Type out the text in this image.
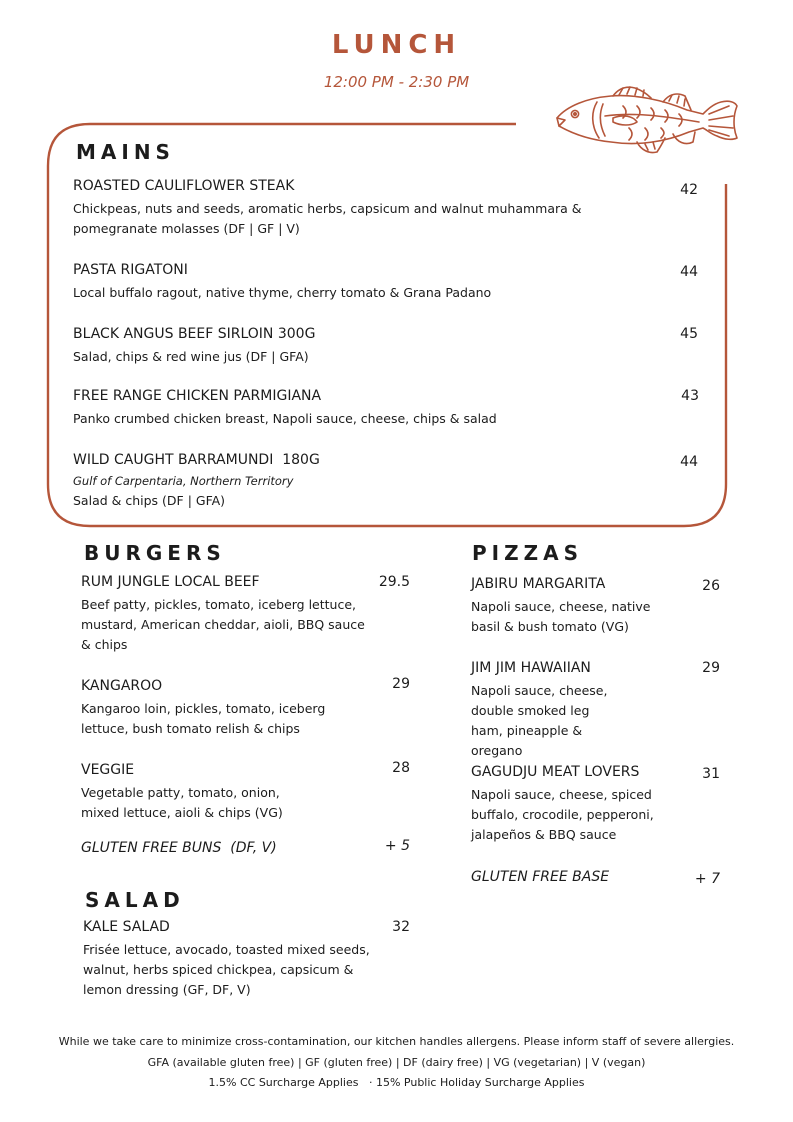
LUNCH
12:00 PM - 2:30 PM
MAINS
ROASTED CAULIFLOWER STEAK	42
Chickpeas, nuts and seeds, aromatic herbs, capsicum and walnut muhammara & pomegranate molasses (DF | GF | V)
PASTA RIGATONI	44
Local buffalo ragout, native thyme, cherry tomato & Grana Padano
BLACK ANGUS BEEF SIRLOIN 300G	45
Salad, chips & red wine jus (DF | GFA)
FREE RANGE CHICKEN PARMIGIANA	43
Panko crumbed chicken breast, Napoli sauce, cheese, chips & salad
WILD CAUGHT BARRAMUNDI  180G	44
Gulf of Carpentaria, Northern Territory
Salad & chips (DF | GFA)
BURGERS
RUM JUNGLE LOCAL BEEF	29.5
Beef patty, pickles, tomato, iceberg lettuce, mustard, American cheddar, aioli, BBQ sauce & chips
KANGAROO	29
Kangaroo loin, pickles, tomato, iceberg lettuce, bush tomato relish & chips
VEGGIE	28
Vegetable patty, tomato, onion, mixed lettuce, aioli & chips (VG)
GLUTEN FREE BUNS  (DF, V)	+ 5
SALAD
KALE SALAD	32
Frisée lettuce, avocado, toasted mixed seeds, walnut, herbs spiced chickpea, capsicum & lemon dressing (GF, DF, V)
PIZZAS
JABIRU MARGARITA	26
Napoli sauce, cheese, native basil & bush tomato (VG)
JIM JIM HAWAIIAN	29
Napoli sauce, cheese, double smoked leg ham, pineapple & oregano
GAGUDJU MEAT LOVERS	31
Napoli sauce, cheese, spiced buffalo, crocodile, pepperoni, jalapeños & BBQ sauce
GLUTEN FREE BASE	+ 7
While we take care to minimize cross-contamination, our kitchen handles allergens. Please inform staff of severe allergies.
GFA (available gluten free) | GF (gluten free) | DF (dairy free) | VG (vegetarian) | V (vegan)
1.5% CC Surcharge Applies   · 15% Public Holiday Surcharge Applies
